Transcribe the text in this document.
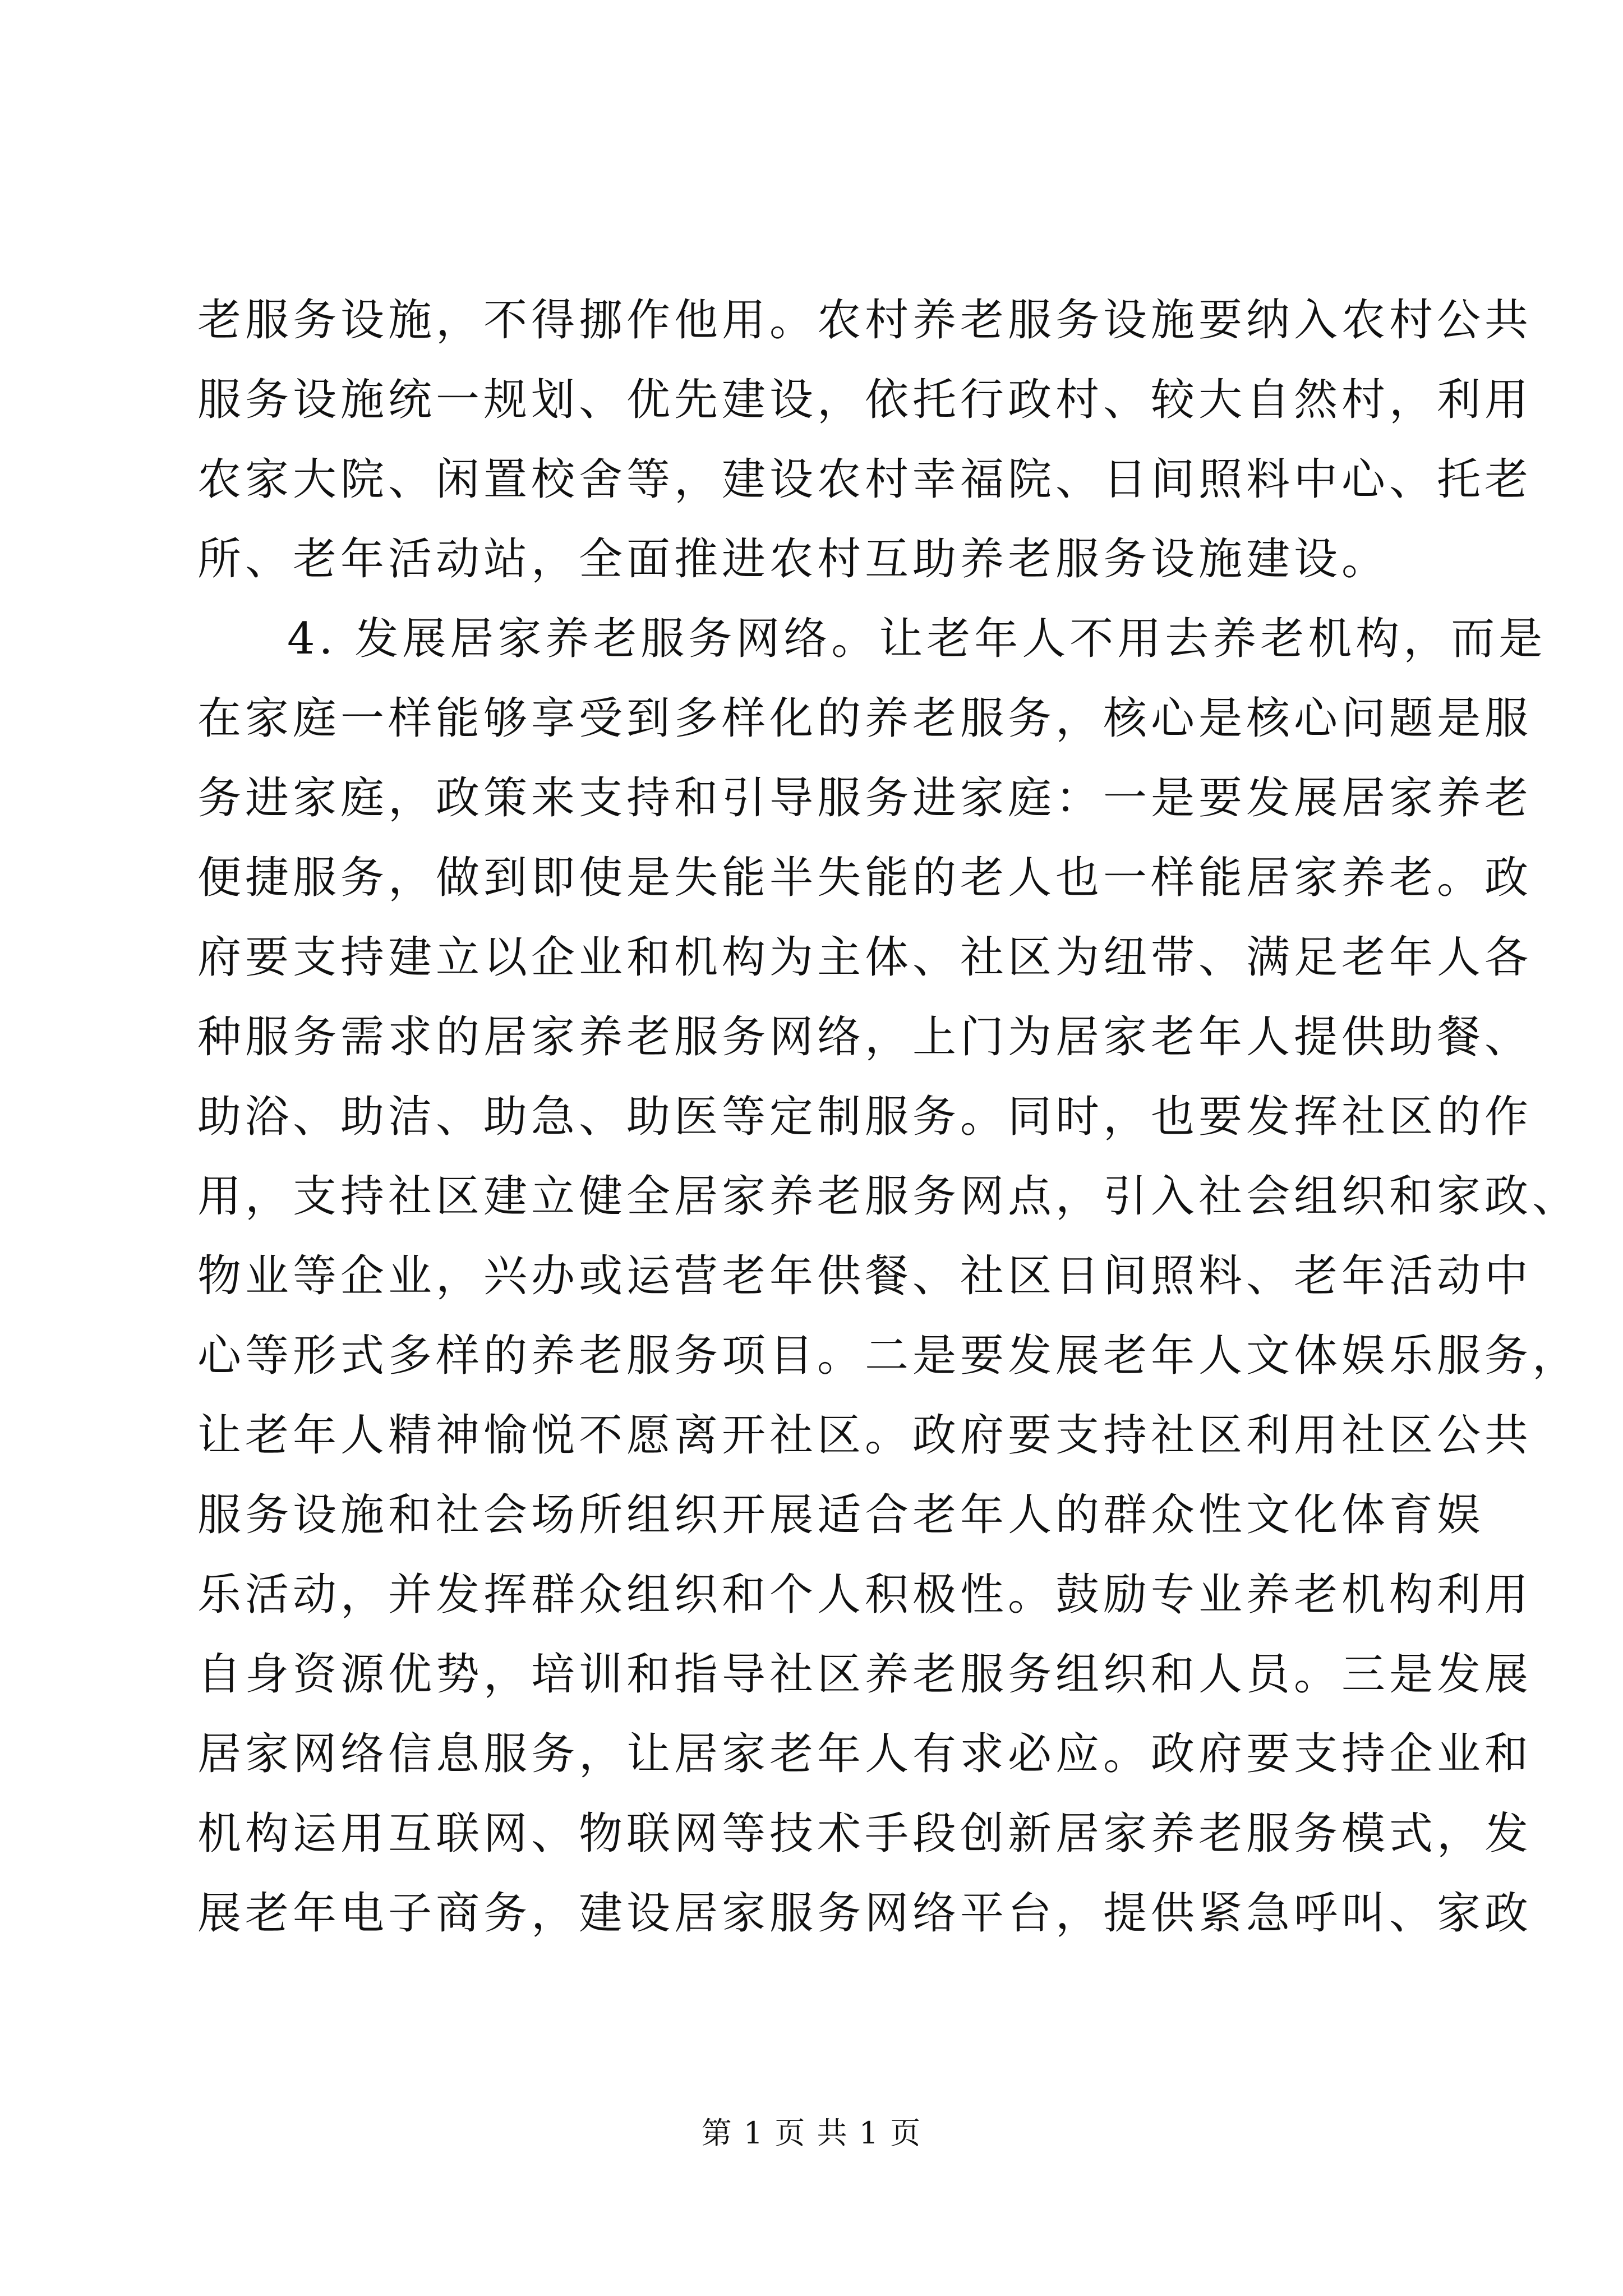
老服务设施，不得挪作他用。农村养老服务设施要纳入农村公共
服务设施统一规划、优先建设，依托行政村、较大自然村，利用
农家大院、闲置校舍等，建设农村幸福院、日间照料中心、托老
所、老年活动站，全面推进农村互助养老服务设施建设。
4. 发展居家养老服务网络。让老年人不用去养老机构，而是
在家庭一样能够享受到多样化的养老服务，核心是核心问题是服
务进家庭，政策来支持和引导服务进家庭：一是要发展居家养老
便捷服务，做到即使是失能半失能的老人也一样能居家养老。政
府要支持建立以企业和机构为主体、社区为纽带、满足老年人各
种服务需求的居家养老服务网络，上门为居家老年人提供助餐、
助浴、助洁、助急、助医等定制服务。同时，也要发挥社区的作
用，支持社区建立健全居家养老服务网点，引入社会组织和家政、
物业等企业，兴办或运营老年供餐、社区日间照料、老年活动中
心等形式多样的养老服务项目。二是要发展老年人文体娱乐服务，
让老年人精神愉悦不愿离开社区。政府要支持社区利用社区公共
服务设施和社会场所组织开展适合老年人的群众性文化体育娱
乐活动，并发挥群众组织和个人积极性。鼓励专业养老机构利用
自身资源优势，培训和指导社区养老服务组织和人员。三是发展
居家网络信息服务，让居家老年人有求必应。政府要支持企业和
机构运用互联网、物联网等技术手段创新居家养老服务模式，发
展老年电子商务，建设居家服务网络平台，提供紧急呼叫、家政
第 1 页 共 1 页
